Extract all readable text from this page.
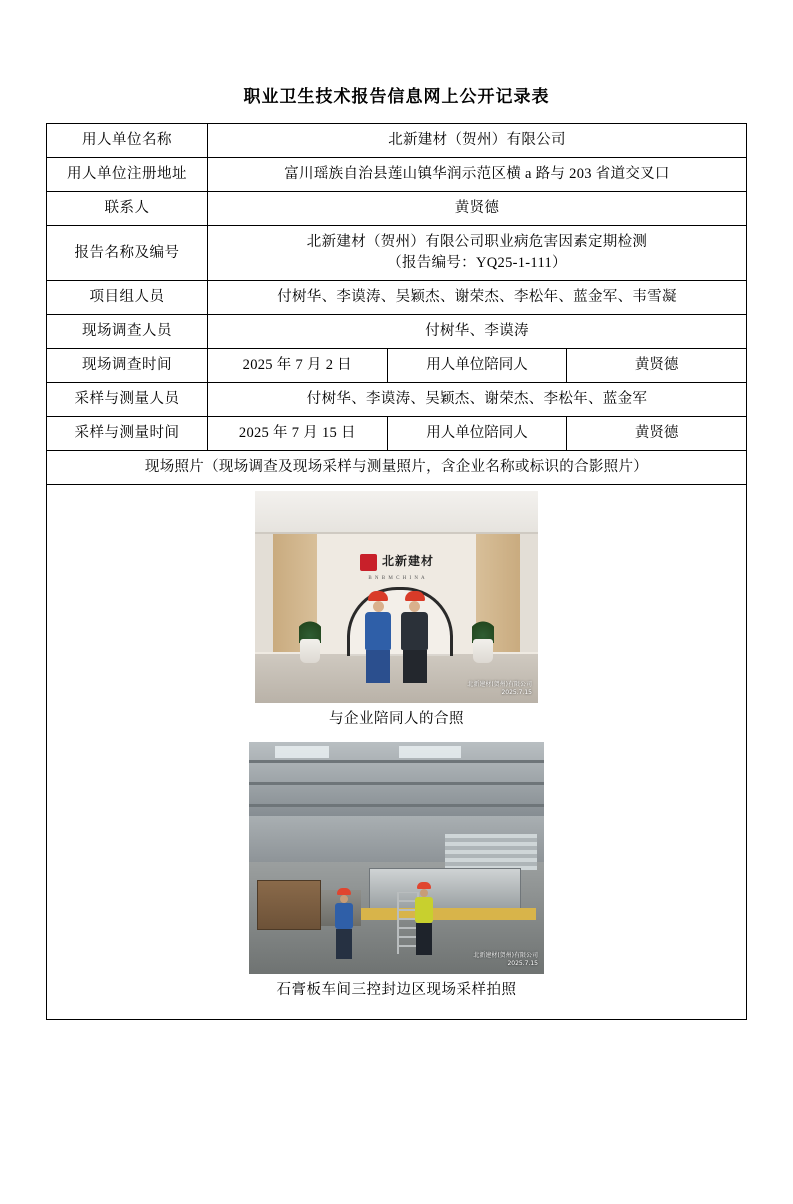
职业卫生技术报告信息网上公开记录表
用人单位名称	北新建材（贺州）有限公司		
用人单位注册地址	富川瑶族自治县莲山镇华润示范区横 a 路与 203 省道交叉口		
联系人	黄贤德		
报告名称及编号	北新建材（贺州）有限公司职业病危害因素定期检测
（报告编号：YQ25-1-111）		

项目组人员	付树华、李谟涛、吴颖杰、谢荣杰、李松年、蓝金军、韦雪凝		
现场调查人员	付树华、李谟涛		
现场调查时间	2025 年 7 月 2 日	用人单位陪同人	黄贤德
采样与测量人员	付树华、李谟涛、吴颖杰、谢荣杰、李松年、蓝金军		
采样与测量时间	2025 年 7 月 15 日	用人单位陪同人	黄贤德
现场照片（现场调查及现场采样与测量照片，含企业名称或标识的合影照片）			

北新建材
B N B M C H I N A
北新建材(贺州)有限公司
2025.7.15
与企业陪同人的合照
北新建材(贺州)有限公司
2025.7.15
石膏板车间三控封边区现场采样拍照
